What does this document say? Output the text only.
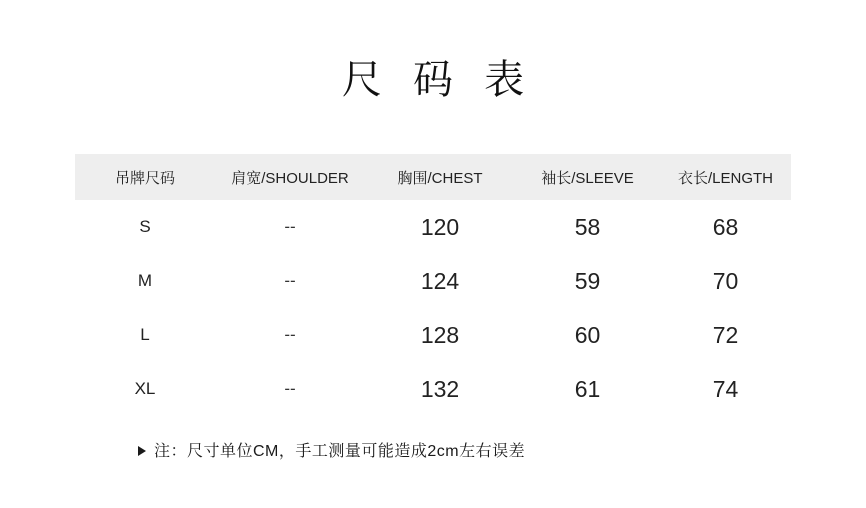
尺 码 表
吊牌尺码	肩宽/SHOULDER	胸围/CHEST	袖长/SLEEVE	衣长/LENGTH
S	--	120	58	68
M	--	124	59	70
L	--	128	60	72
XL	--	132	61	74
注：尺寸单位CM，手工测量可能造成2cm左右误差
